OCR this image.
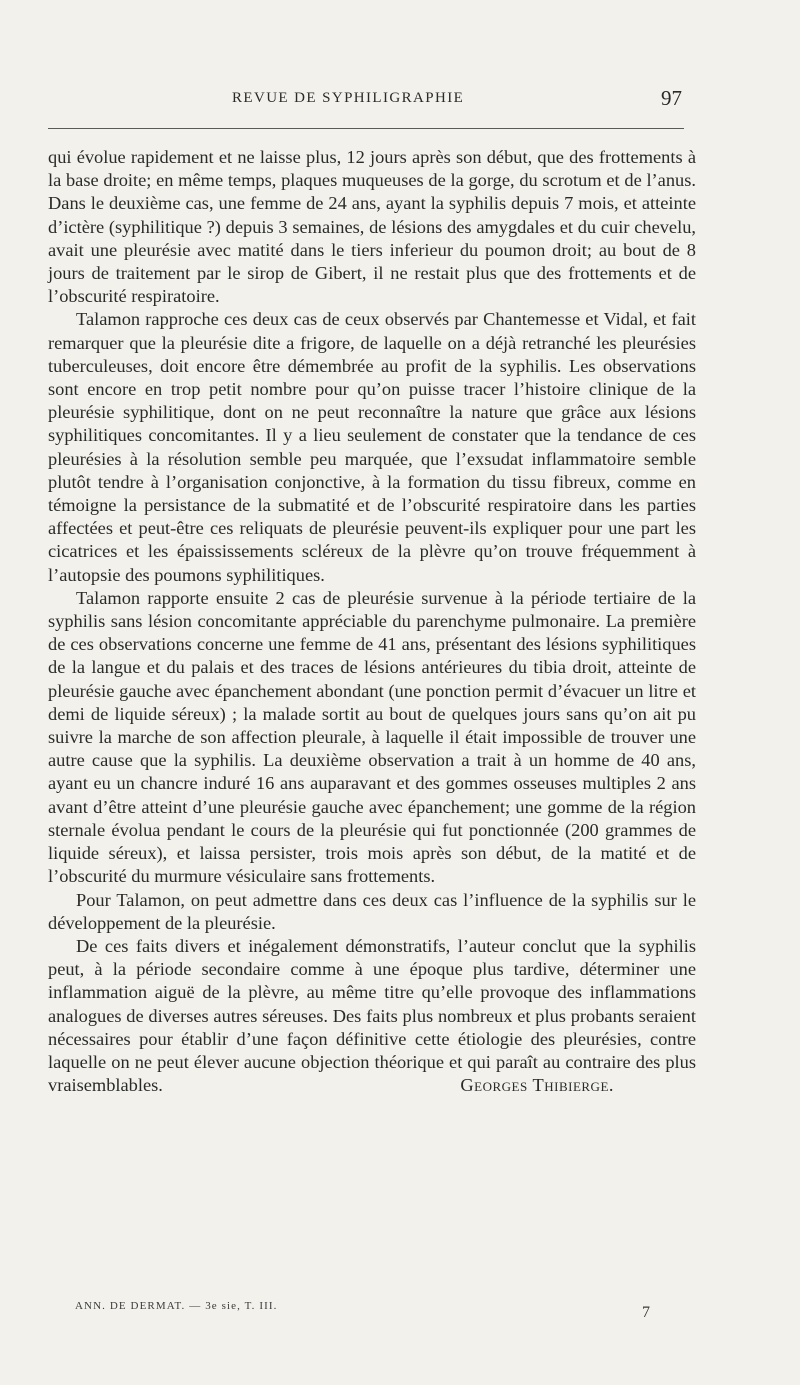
REVUE DE SYPHILIGRAPHIE	97

qui évolue rapidement et ne laisse plus, 12 jours après son début, que des frottements à la base droite; en même temps, plaques muqueuses de la gorge, du scrotum et de l’anus. Dans le deuxième cas, une femme de 24 ans, ayant la syphilis depuis 7 mois, et atteinte d’ictère (syphilitique ?) depuis 3 semaines, de lésions des amygdales et du cuir chevelu, avait une pleurésie avec matité dans le tiers inferieur du poumon droit; au bout de 8 jours de traitement par le sirop de Gibert, il ne restait plus que des frottements et de l’obscurité respiratoire.

Talamon rapproche ces deux cas de ceux observés par Chantemesse et Vidal, et fait remarquer que la pleurésie dite a frigore, de laquelle on a déjà retranché les pleurésies tuberculeuses, doit encore être démembrée au profit de la syphilis. Les observations sont encore en trop petit nombre pour qu’on puisse tracer l’histoire clinique de la pleurésie syphilitique, dont on ne peut reconnaître la nature que grâce aux lésions syphilitiques concomitantes. Il y a lieu seulement de constater que la tendance de ces pleurésies à la résolution semble peu marquée, que l’exsudat inflammatoire semble plutôt tendre à l’organisation conjonctive, à la formation du tissu fibreux, comme en témoigne la persistance de la submatité et de l’obscurité respiratoire dans les parties affectées et peut-être ces reliquats de pleurésie peuvent-ils expliquer pour une part les cicatrices et les épaississements scléreux de la plèvre qu’on trouve fréquemment à l’autopsie des poumons syphilitiques.

Talamon rapporte ensuite 2 cas de pleurésie survenue à la période tertiaire de la syphilis sans lésion concomitante appréciable du parenchyme pulmonaire. La première de ces observations concerne une femme de 41 ans, présentant des lésions syphilitiques de la langue et du palais et des traces de lésions antérieures du tibia droit, atteinte de pleurésie gauche avec épanchement abondant (une ponction permit d’évacuer un litre et demi de liquide séreux) ; la malade sortit au bout de quelques jours sans qu’on ait pu suivre la marche de son affection pleurale, à laquelle il était impossible de trouver une autre cause que la syphilis. La deuxième observation a trait à un homme de 40 ans, ayant eu un chancre induré 16 ans auparavant et des gommes osseuses multiples 2 ans avant d’être atteint d’une pleurésie gauche avec épanchement; une gomme de la région sternale évolua pendant le cours de la pleurésie qui fut ponctionnée (200 grammes de liquide séreux), et laissa persister, trois mois après son début, de la matité et de l’obscurité du murmure vésiculaire sans frottements.

Pour Talamon, on peut admettre dans ces deux cas l’influence de la syphilis sur le développement de la pleurésie.

De ces faits divers et inégalement démonstratifs, l’auteur conclut que la syphilis peut, à la période secondaire comme à une époque plus tardive, déterminer une inflammation aiguë de la plèvre, au même titre qu’elle provoque des inflammations analogues de diverses autres séreuses. Des faits plus nombreux et plus probants seraient nécessaires pour établir d’une façon définitive cette étiologie des pleurésies, contre laquelle on ne peut élever aucune objection théorique et qui paraît au contraire des plus vraisemblables.	Georges Thibierge.

ANN. DE DERMAT. — 3e sie, T. III.	7
